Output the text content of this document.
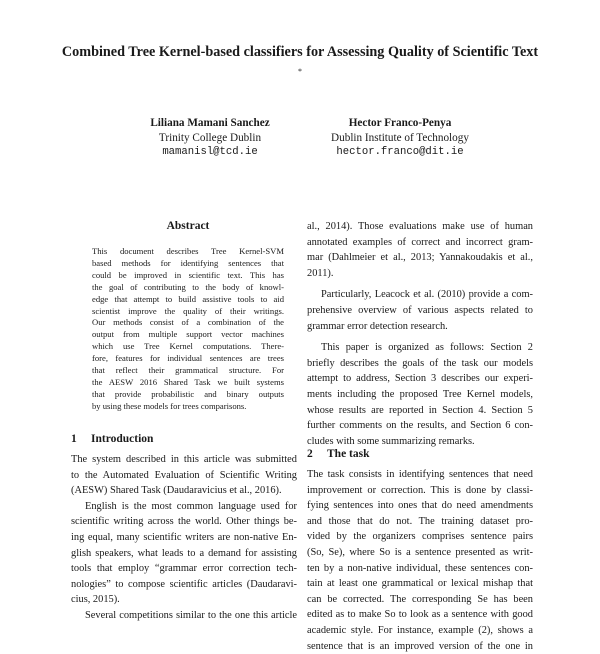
Combined Tree Kernel-based classifiers for Assessing Quality of Scientific Text *
Liliana Mamani Sanchez
Trinity College Dublin
mamanisl@tcd.ie
Hector Franco-Penya
Dublin Institute of Technology
hector.franco@dit.ie
Abstract
This document describes Tree Kernel-SVM
based methods for identifying sentences that
could be improved in scientific text. This has
the goal of contributing to the body of knowl-
edge that attempt to build assistive tools to aid
scientist improve the quality of their writings.
Our methods consist of a combination of the
output from multiple support vector machines
which use Tree Kernel computations. There-
fore, features for individual sentences are trees
that reflect their grammatical structure. For
the AESW 2016 Shared Task we built systems
that provide probabilistic and binary outputs
by using these models for trees comparisons.
1 Introduction
The system described in this article was submitted
to the Automated Evaluation of Scientific Writing
(AESW) Shared Task (Daudaravicius et al., 2016).
English is the most common language used for
scientific writing across the world. Other things be-
ing equal, many scientific writers are non-native En-
glish speakers, what leads to a demand for assisting
tools that employ “grammar error correction tech-
nologies” to compose scientific articles (Daudaravi-
cius, 2015).
Several competitions similar to the one this article
al., 2014). Those evaluations make use of human
annotated examples of correct and incorrect gram-
mar (Dahlmeier et al., 2013; Yannakoudakis et al.,
2011).
Particularly, Leacock et al. (2010) provide a com-
prehensive overview of various aspects related to
grammar error detection research.
This paper is organized as follows: Section 2
briefly describes the goals of the task our models
attempt to address, Section 3 describes our experi-
ments including the proposed Tree Kernel models,
whose results are reported in Section 4. Section 5
further comments on the results, and Section 6 con-
cludes with some summarizing remarks.
2 The task
The task consists in identifying sentences that need
improvement or correction. This is done by classi-
fying sentences into ones that do need amendments
and those that do not. The training dataset pro-
vided by the organizers comprises sentence pairs
(So, Se), where So is a sentence presented as writ-
ten by a non-native individual, these sentences con-
tain at least one grammatical or lexical mishap that
can be corrected. The corresponding Se has been
edited as to make So to look as a sentence with good
academic style. For instance, example (2), shows a
sentence that is an improved version of the one in
